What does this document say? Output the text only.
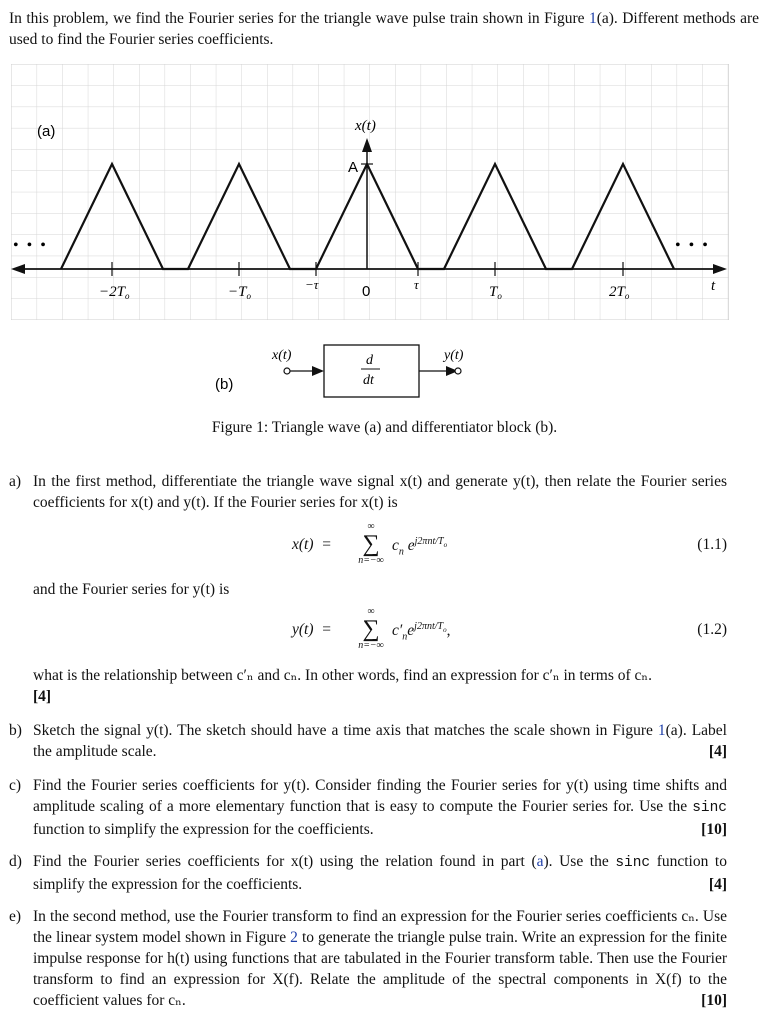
In this problem, we find the Fourier series for the triangle wave pulse train shown in Figure 1(a). Different methods are used to find the Fourier series coefficients.
(a)	x(t)
A
$-2T_o$	$-T_o$
−τ	0	τ	$T_o$	$2T_o$
t
• • •	• • •
(b)
x(t)	d
dt
y(t)
Figure 1: Triangle wave (a) and differentiator block (b).
a) In the first method, differentiate the triangle wave signal x(t) and generate y(t), then relate the Fourier series coefficients for x(t) and y(t). If the Fourier series for x(t) is
x(t)  =
∞
∑
n=−∞
$c_n$ $e^{j2\pi nt/T_o}$	(1.1)
and the Fourier series for y(t) is
y(t)  =
∞
∑
n=−∞
$c'_ne^{j2\pi nt/T_o}$,	(1.2)
what is the relationship between c′ₙ and cₙ. In other words, find an expression for c′ₙ in terms of cₙ.
[4]
b) Sketch the signal y(t). The sketch should have a time axis that matches the scale shown in Figure 1(a). Label the amplitude scale.	[4]
c) Find the Fourier series coefficients for y(t). Consider finding the Fourier series for y(t) using time shifts and amplitude scaling of a more elementary function that is easy to compute the Fourier series for. Use the sinc function to simplify the expression for the coefficients.	[10]
d) Find the Fourier series coefficients for x(t) using the relation found in part (a). Use the sinc function to simplify the expression for the coefficients.	[4]
e) In the second method, use the Fourier transform to find an expression for the Fourier series coefficients cₙ. Use the linear system model shown in Figure 2 to generate the triangle pulse train. Write an expression for the finite impulse response for h(t) using functions that are tabulated in the Fourier transform table. Then use the Fourier transform to find an expression for X(f). Relate the amplitude of the spectral components in X(f) to the coefficient values for cₙ.	[10]
